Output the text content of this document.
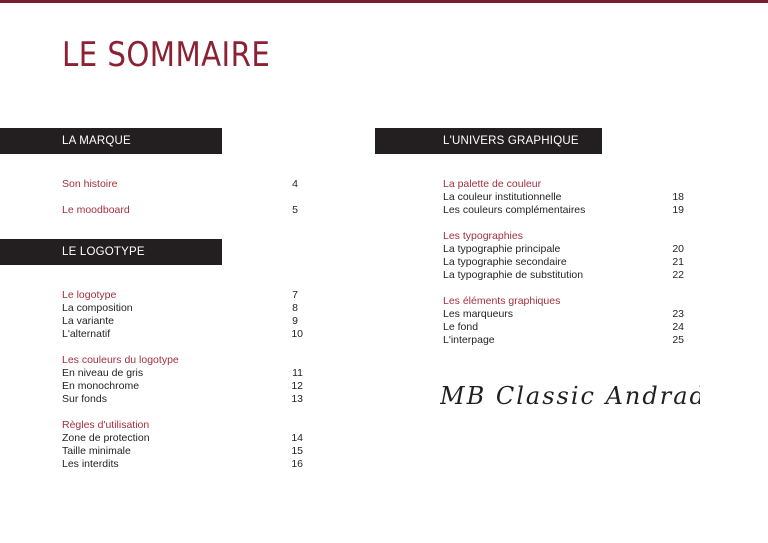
LE SOMMAIRE
LA MARQUE
Son histoire	4
Le moodboard	5
LE LOGOTYPE
Le logotype	7
La composition	8
La variante	9
L'alternatif	10
Les couleurs du logotype
En niveau de gris	11
En monochrome	12
Sur fonds	13
Règles d'utilisation
Zone de protection	14
Taille minimale	15
Les interdits	16
L'UNIVERS GRAPHIQUE
La palette de couleur
La couleur institutionnelle	18
Les couleurs complémentaires	19
Les typographies
La typographie principale	20
La typographie secondaire	21
La typographie de substitution	22
Les éléments graphiques
Les marqueurs	23
Le fond	24
L'interpage	25
MB Classic Andrade
